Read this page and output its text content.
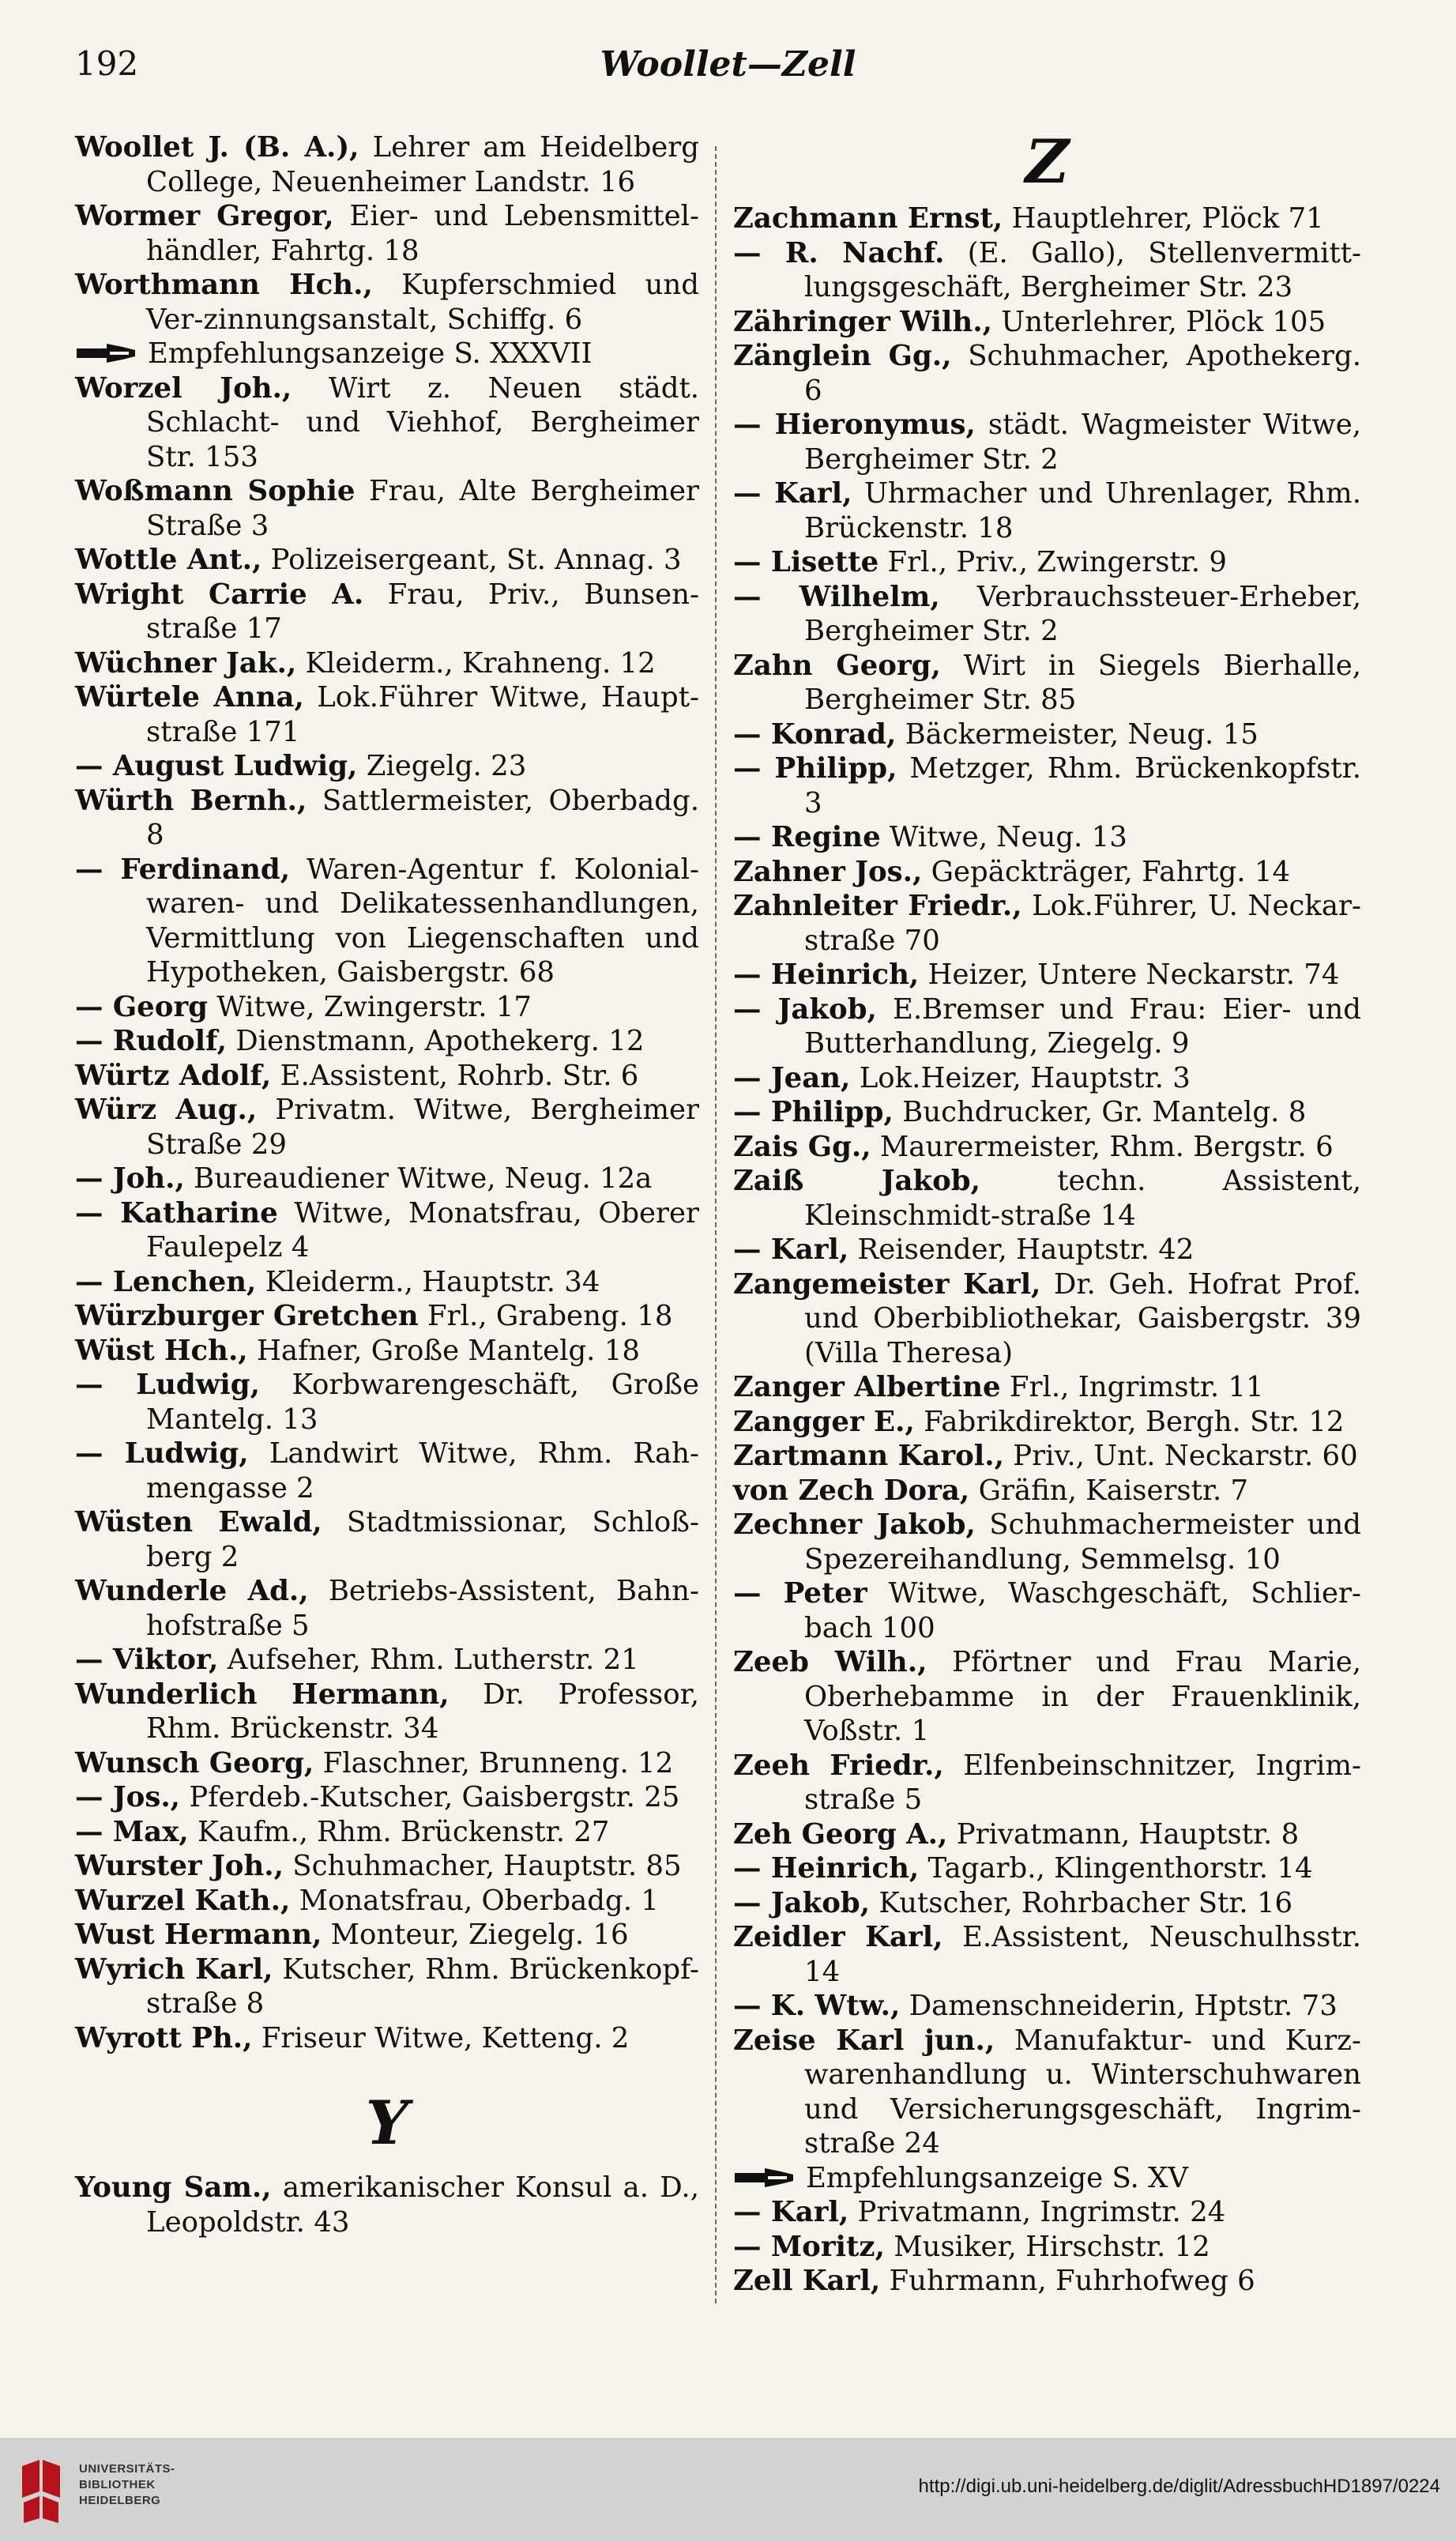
192	Woollet—Zell
Woollet J. (B. A.), Lehrer am Heidelberg College, Neuenheimer Landstr. 16
Wormer Gregor, Eier- und Lebensmittel-händler, Fahrtg. 18
Worthmann Hch., Kupferschmied und Ver-zinnungsanstalt, Schiffg. 6
Empfehlungsanzeige S. XXXVII
Worzel Joh., Wirt z. Neuen städt. Schlacht- und Viehhof, Bergheimer Str. 153
Woßmann Sophie Frau, Alte Bergheimer Straße 3
Wottle Ant., Polizeisergeant, St. Annag. 3
Wright Carrie A. Frau, Priv., Bunsen-straße 17
Wüchner Jak., Kleiderm., Krahneng. 12
Würtele Anna, Lok.Führer Witwe, Haupt-straße 171
— August Ludwig, Ziegelg. 23
Würth Bernh., Sattlermeister, Oberbadg. 8
— Ferdinand, Waren-Agentur f. Kolonial-waren- und Delikatessenhandlungen, Vermittlung von Liegenschaften und Hypotheken, Gaisbergstr. 68
— Georg Witwe, Zwingerstr. 17
— Rudolf, Dienstmann, Apothekerg. 12
Würtz Adolf, E.Assistent, Rohrb. Str. 6
Würz Aug., Privatm. Witwe, Bergheimer Straße 29
— Joh., Bureaudiener Witwe, Neug. 12a
— Katharine Witwe, Monatsfrau, Oberer Faulepelz 4
— Lenchen, Kleiderm., Hauptstr. 34
Würzburger Gretchen Frl., Grabeng. 18
Wüst Hch., Hafner, Große Mantelg. 18
— Ludwig, Korbwarengeschäft, Große Mantelg. 13
— Ludwig, Landwirt Witwe, Rhm. Rah-mengasse 2
Wüsten Ewald, Stadtmissionar, Schloß-berg 2
Wunderle Ad., Betriebs-Assistent, Bahn-hofstraße 5
— Viktor, Aufseher, Rhm. Lutherstr. 21
Wunderlich Hermann, Dr. Professor, Rhm. Brückenstr. 34
Wunsch Georg, Flaschner, Brunneng. 12
— Jos., Pferdeb.-Kutscher, Gaisbergstr. 25
— Max, Kaufm., Rhm. Brückenstr. 27
Wurster Joh., Schuhmacher, Hauptstr. 85
Wurzel Kath., Monatsfrau, Oberbadg. 1
Wust Hermann, Monteur, Ziegelg. 16
Wyrich Karl, Kutscher, Rhm. Brückenkopf-straße 8
Wyrott Ph., Friseur Witwe, Ketteng. 2
Y
Young Sam., amerikanischer Konsul a. D., Leopoldstr. 43
Z
Zachmann Ernst, Hauptlehrer, Plöck 71
— R. Nachf. (E. Gallo), Stellenvermitt-lungsgeschäft, Bergheimer Str. 23
Zähringer Wilh., Unterlehrer, Plöck 105
Zänglein Gg., Schuhmacher, Apothekerg. 6
— Hieronymus, städt. Wagmeister Witwe, Bergheimer Str. 2
— Karl, Uhrmacher und Uhrenlager, Rhm. Brückenstr. 18
— Lisette Frl., Priv., Zwingerstr. 9
— Wilhelm, Verbrauchssteuer-Erheber, Bergheimer Str. 2
Zahn Georg, Wirt in Siegels Bierhalle, Bergheimer Str. 85
— Konrad, Bäckermeister, Neug. 15
— Philipp, Metzger, Rhm. Brückenkopfstr. 3
— Regine Witwe, Neug. 13
Zahner Jos., Gepäckträger, Fahrtg. 14
Zahnleiter Friedr., Lok.Führer, U. Neckar-straße 70
— Heinrich, Heizer, Untere Neckarstr. 74
— Jakob, E.Bremser und Frau: Eier- und Butterhandlung, Ziegelg. 9
— Jean, Lok.Heizer, Hauptstr. 3
— Philipp, Buchdrucker, Gr. Mantelg. 8
Zais Gg., Maurermeister, Rhm. Bergstr. 6
Zaiß Jakob, techn. Assistent, Kleinschmidt-straße 14
— Karl, Reisender, Hauptstr. 42
Zangemeister Karl, Dr. Geh. Hofrat Prof. und Oberbibliothekar, Gaisbergstr. 39 (Villa Theresa)
Zanger Albertine Frl., Ingrimstr. 11
Zangger E., Fabrikdirektor, Bergh. Str. 12
Zartmann Karol., Priv., Unt. Neckarstr. 60
von Zech Dora, Gräfin, Kaiserstr. 7
Zechner Jakob, Schuhmachermeister und Spezereihandlung, Semmelsg. 10
— Peter Witwe, Waschgeschäft, Schlier-bach 100
Zeeb Wilh., Pförtner und Frau Marie, Oberhebamme in der Frauenklinik, Voßstr. 1
Zeeh Friedr., Elfenbeinschnitzer, Ingrim-straße 5
Zeh Georg A., Privatmann, Hauptstr. 8
— Heinrich, Tagarb., Klingenthorstr. 14
— Jakob, Kutscher, Rohrbacher Str. 16
Zeidler Karl, E.Assistent, Neuschulhsstr. 14
— K. Wtw., Damenschneiderin, Hptstr. 73
Zeise Karl jun., Manufaktur- und Kurz-warenhandlung u. Winterschuhwaren und Versicherungsgeschäft, Ingrim-straße 24
Empfehlungsanzeige S. XV
— Karl, Privatmann, Ingrimstr. 24
— Moritz, Musiker, Hirschstr. 12
Zell Karl, Fuhrmann, Fuhrhofweg 6
UNIVERSITÄTS-
BIBLIOTHEK
HEIDELBERG
http://digi.ub.uni-heidelberg.de/diglit/AdressbuchHD1897/0224
